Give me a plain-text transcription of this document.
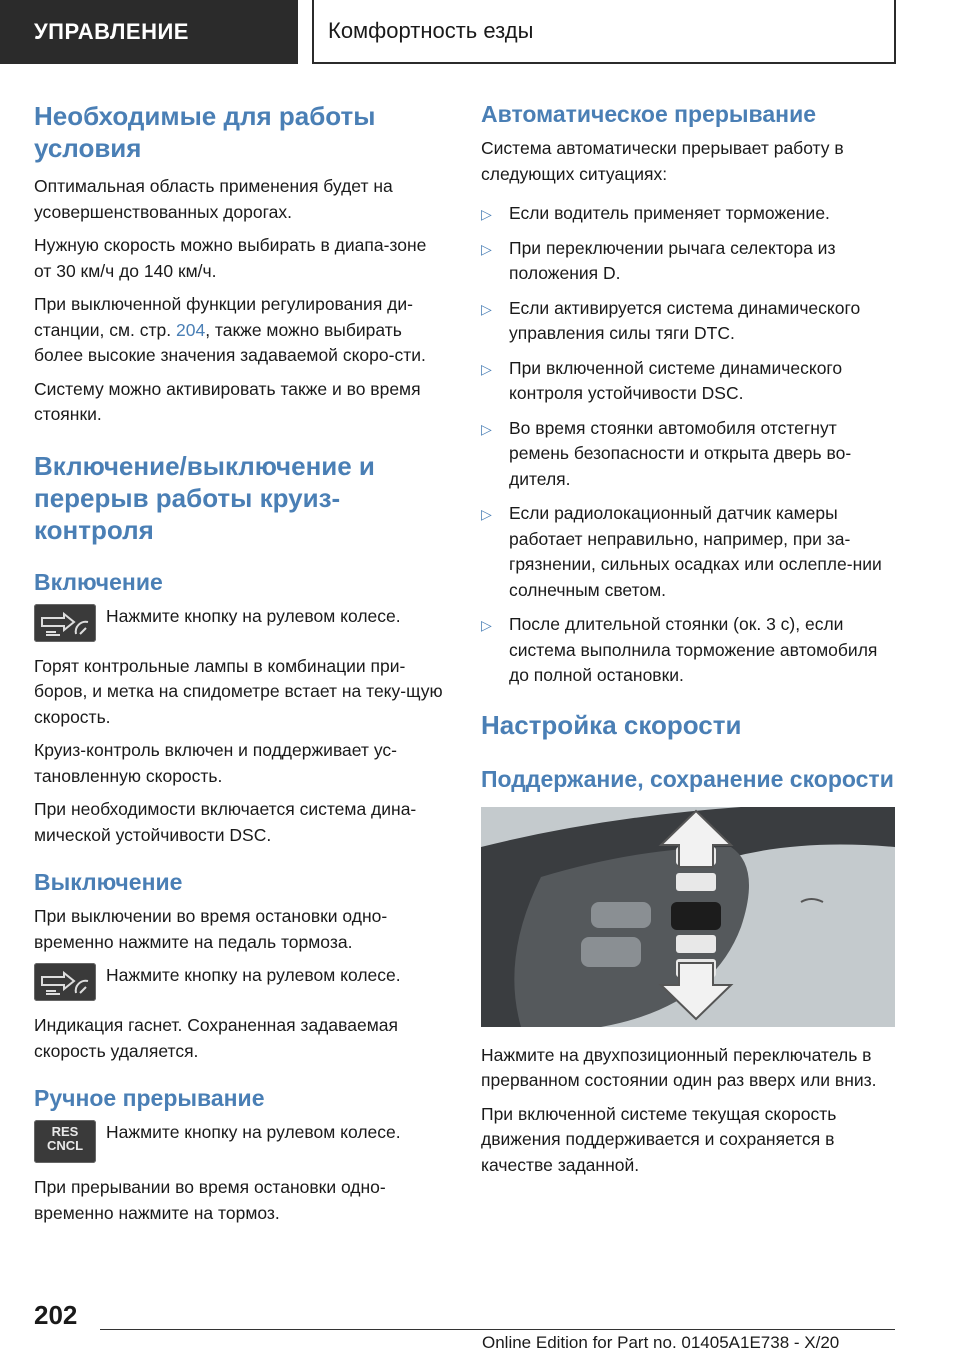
УПРАВЛЕНИЕ	Комфортность езды
Необходимые для работы условия

Оптимальная область применения будет на усовершенствованных дорогах.

Нужную скорость можно выбирать в диапа-зоне от 30 км/ч до 140 км/ч.

При выключенной функции регулирования ди-станции, см. стр. 204, также можно выбирать более высокие значения задаваемой скоро-сти.

Систему можно активировать также и во время стоянки.

Включение/выключение и перерыв работы круиз-контроля
Включение

Нажмите кнопку на рулевом колесе.

Горят контрольные лампы в комбинации при-боров, и метка на спидометре встает на теку-щую скорость.

Круиз-контроль включен и поддерживает ус-тановленную скорость.

При необходимости включается система дина-мической устойчивости DSC.

Выключение

При выключении во время остановки одно-временно нажмите на педаль тормоза.

Нажмите кнопку на рулевом колесе.

Индикация гаснет. Сохраненная задаваемая скорость удаляется.

Ручное прерывание
RES
CNCL

Нажмите кнопку на рулевом колесе.

При прерывании во время остановки одно-временно нажмите на тормоз.

Автоматическое прерывание

Система автоматически прерывает работу в следующих ситуациях:

▷ Если водитель применяет торможение.
▷ При переключении рычага селектора из положения D.
▷ Если активируется система динамического управления силы тяги DTC.
▷ При включенной системе динамического контроля устойчивости DSC.
▷ Во время стоянки автомобиля отстегнут ремень безопасности и открыта дверь во-дителя.
▷ Если радиолокационный датчик камеры работает неправильно, например, при за-грязнении, сильных осадках или ослепле-нии солнечным светом.
▷ После длительной стоянки (ок. 3 с), если система выполнила торможение автомобиля до полной остановки.
Настройка скорости
Поддержание, сохранение скорости

Нажмите на двухпозиционный переключатель в прерванном состоянии один раз вверх или вниз.

При включенной системе текущая скорость движения поддерживается и сохраняется в качестве заданной.

202
Online Edition for Part no. 01405A1E738 - X/20
